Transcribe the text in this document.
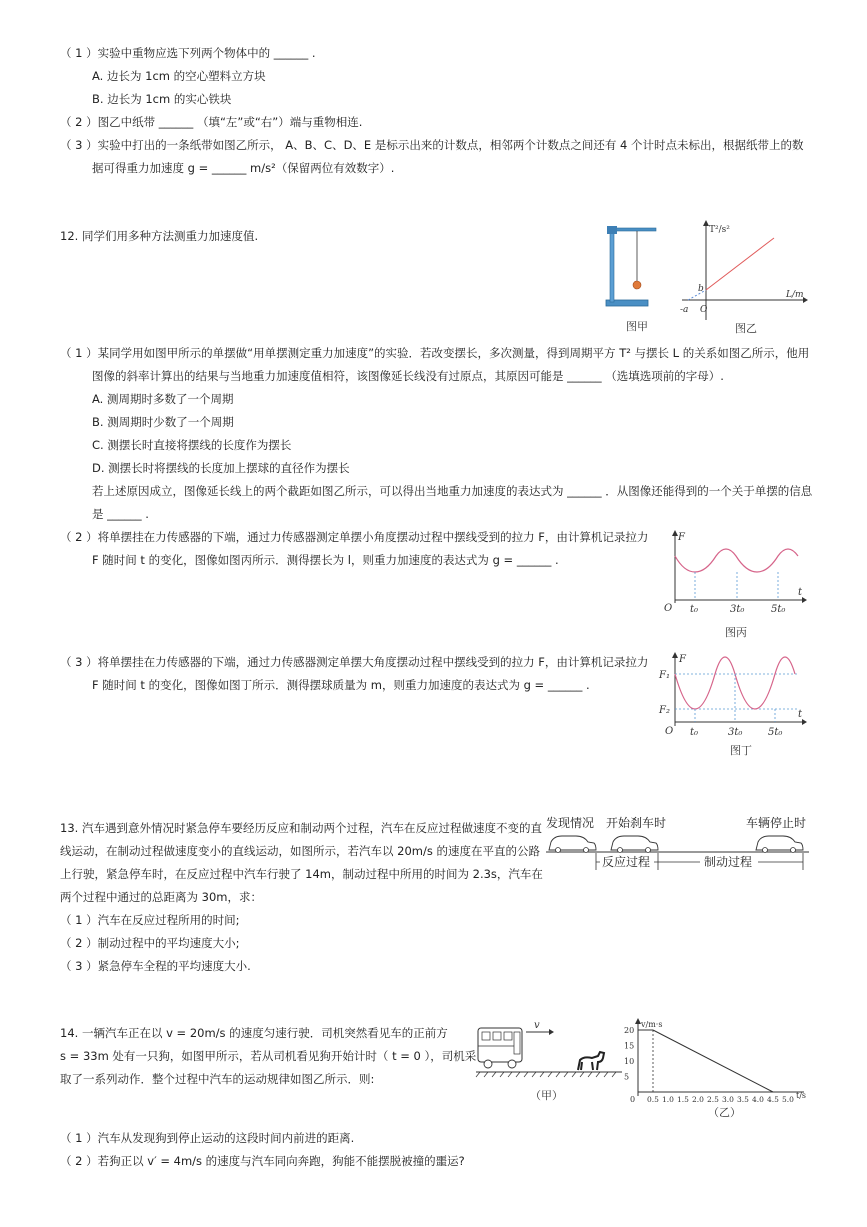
（ 1 ）实验中重物应选下列两个物体中的 ______ .
A. 边长为 1cm 的空心塑料立方块
B. 边长为 1cm 的实心铁块
（ 2 ）图乙中纸带 ______ （填“左”或“右”）端与重物相连.
（ 3 ）实验中打出的一条纸带如图乙所示， A、B、C、D、E 是标示出来的计数点，相邻两个计数点之间还有 4 个计时点未标出，根据纸带上的数
据可得重力加速度 g = ______ m/s²（保留两位有效数字）.
12. 同学们用多种方法测重力加速度值.
（ 1 ）某同学用如图甲所示的单摆做“用单摆测定重力加速度”的实验．若改变摆长，多次测量，得到周期平方 T² 与摆长 L 的关系如图乙所示，他用
图像的斜率计算出的结果与当地重力加速度值相符，该图像延长线没有过原点，其原因可能是 ______ （选填选项前的字母）.
A. 测周期时多数了一个周期
B. 测周期时少数了一个周期
C. 测摆长时直接将摆线的长度作为摆长
D. 测摆长时将摆线的长度加上摆球的直径作为摆长
若上述原因成立，图像延长线上的两个截距如图乙所示，可以得出当地重力加速度的表达式为 ______ ．从图像还能得到的一个关于单摆的信息
是 ______ .
（ 2 ）将单摆挂在力传感器的下端，通过力传感器测定单摆小角度摆动过程中摆线受到的拉力 F，由计算机记录拉力
F 随时间 t 的变化，图像如图丙所示．测得摆长为 l，则重力加速度的表达式为 g = ______ .
（ 3 ）将单摆挂在力传感器的下端，通过力传感器测定单摆大角度摆动过程中摆线受到的拉力 F，由计算机记录拉力
F 随时间 t 的变化，图像如图丁所示．测得摆球质量为 m，则重力加速度的表达式为 g = ______ .
13. 汽车遇到意外情况时紧急停车要经历反应和制动两个过程，汽车在反应过程做速度不变的直
线运动，在制动过程做速度变小的直线运动，如图所示，若汽车以 20m/s 的速度在平直的公路
上行驶，紧急停车时，在反应过程中汽车行驶了 14m，制动过程中所用的时间为 2.3s，汽车在
两个过程中通过的总距离为 30m，求：
（ 1 ）汽车在反应过程所用的时间;
（ 2 ）制动过程中的平均速度大小;
（ 3 ）紧急停车全程的平均速度大小.
14. 一辆汽车正在以 v = 20m/s 的速度匀速行驶．司机突然看见车的正前方
s = 33m 处有一只狗，如图甲所示，若从司机看见狗开始计时（ t = 0 ），司机采
取了一系列动作．整个过程中汽车的运动规律如图乙所示．则:
（ 1 ）汽车从发现狗到停止运动的这段时间内前进的距离.
（ 2 ）若狗正以 v′ = 4m/s 的速度与汽车同向奔跑，狗能不能摆脱被撞的噩运?
图甲
T²/s²
L/m
b
-a O
图乙
F
t
O t₀	3t₀	5t₀
图丙
F
t
O
F₁
F₂
t₀	3t₀	5t₀
图丁
发现情况 开始刹车时	车辆停止时
反应过程	制动过程
v
（甲）
v/m·s
t/s
0
20
15
10
5
0.5 1.0 1.5 2.0 2.5 3.0 3.5 4.0 4.5 5.0
（乙）
